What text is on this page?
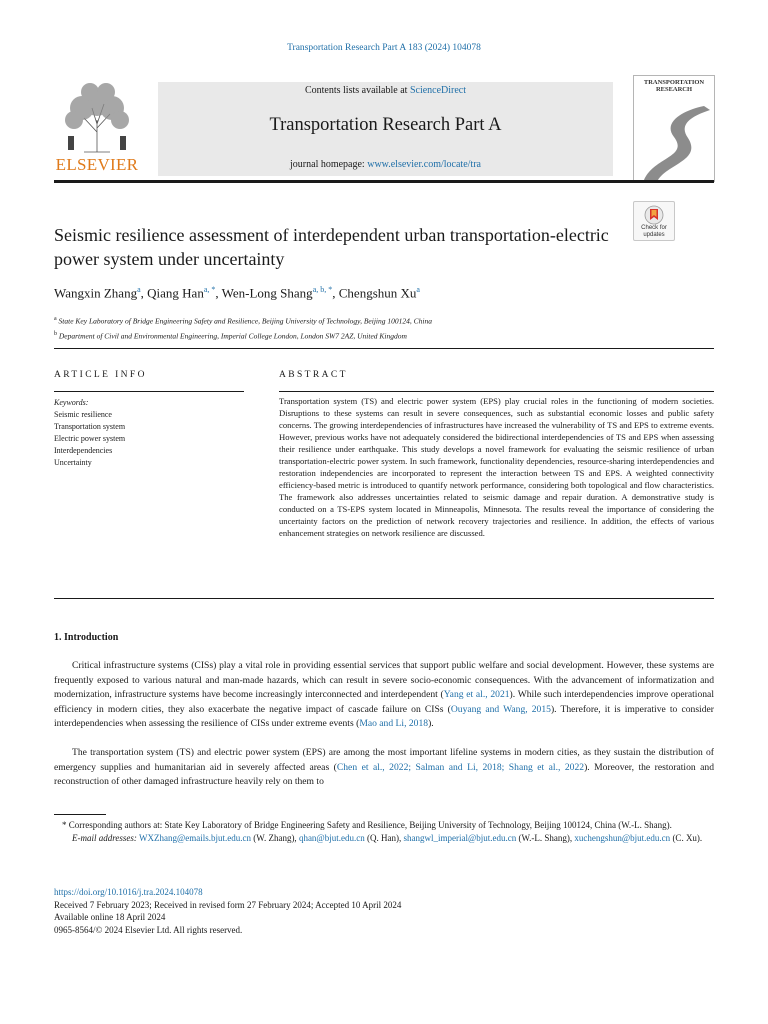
Transportation Research Part A 183 (2024) 104078
ELSEVIER
Contents lists available at ScienceDirect
Transportation Research Part A
journal homepage: www.elsevier.com/locate/tra
TRANSPORTATION RESEARCH
Check for updates
Seismic resilience assessment of interdependent urban transportation-electric power system under uncertainty
Wangxin Zhang$^a$, Qiang Han$^{a, *}$, Wen-Long Shang$^{a, b, *}$, Chengshun Xu$^a$
$^a$ State Key Laboratory of Bridge Engineering Safety and Resilience, Beijing University of Technology, Beijing 100124, China
$^b$ Department of Civil and Environmental Engineering, Imperial College London, London SW7 2AZ, United Kingdom
ARTICLE INFO	ABSTRACT
Keywords:
Seismic resilience
Transportation system
Electric power system
Interdependencies
Uncertainty
Transportation system (TS) and electric power system (EPS) play crucial roles in the functioning of modern societies. Disruptions to these systems can result in severe consequences, such as substantial economic losses and public safety concerns. The growing interdependencies of infrastructures have increased the vulnerability of TS and EPS to extreme events. However, previous works have not adequately considered the bidirectional interdependencies of TS and EPS when assessing their resilience under earthquake. This study develops a novel framework for evaluating the seismic resilience of urban transportation-electric power system. In such framework, functionality dependencies, resource-sharing interdependencies and restoration independencies are incorporated to represent the interaction between TS and EPS. A weighted connectivity efficiency-based metric is introduced to quantify network performance, considering both topological and flow characteristics. The framework also addresses uncertainties related to seismic damage and repair duration. A demonstrative study is conducted on a TS-EPS system located in Minneapolis, Minnesota. The results reveal the importance of considering the uncertainty factors on the prediction of network recovery trajectories and resilience. In addition, the effects of various enhancement strategies on network resilience are discussed.
1. Introduction

Critical infrastructure systems (CISs) play a vital role in providing essential services that support public welfare and social development. However, these systems are frequently exposed to various natural and man-made hazards, which can result in severe socio-economic consequences. With the advancement of informatization and modernization, infrastructure systems have become increasingly interconnected and interdependent (Yang et al., 2021). While such interdependencies improve operational efficiency in modern cities, they also exacerbate the negative impact of cascade failure on CISs (Ouyang and Wang, 2015). Therefore, it is imperative to consider interdependencies when assessing the resilience of CISs under extreme events (Mao and Li, 2018).

The transportation system (TS) and electric power system (EPS) are among the most important lifeline systems in modern cities, as they sustain the distribution of emergency supplies and humanitarian aid in severely affected areas (Chen et al., 2022; Salman and Li, 2018; Shang et al., 2022). Moreover, the restoration and reconstruction of other damaged infrastructure heavily rely on them to

* Corresponding authors at: State Key Laboratory of Bridge Engineering Safety and Resilience, Beijing University of Technology, Beijing 100124, China (W.-L. Shang).
E-mail addresses: WXZhang@emails.bjut.edu.cn (W. Zhang), qhan@bjut.edu.cn (Q. Han), shangwl_imperial@bjut.edu.cn (W.-L. Shang), xuchengshun@bjut.edu.cn (C. Xu).
https://doi.org/10.1016/j.tra.2024.104078
Received 7 February 2023; Received in revised form 27 February 2024; Accepted 10 April 2024
Available online 18 April 2024
0965-8564/© 2024 Elsevier Ltd. All rights reserved.
